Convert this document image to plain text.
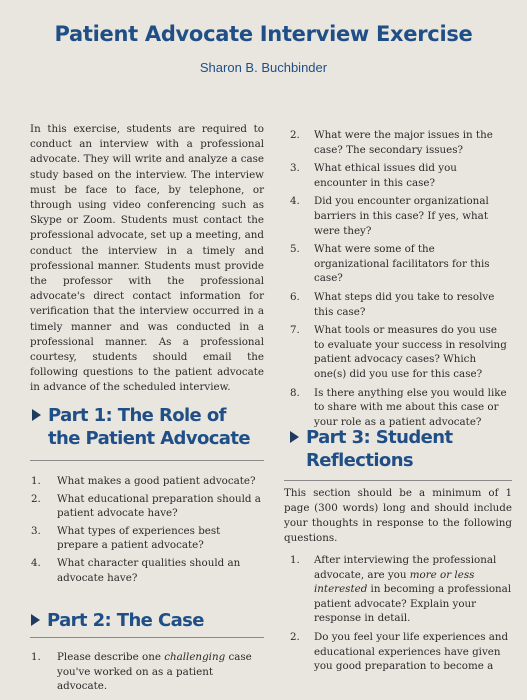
Patient Advocate Interview Exercise
Sharon B. Buchbinder

In this exercise, students are required to conduct an interview with a professional advocate. They will write and analyze a case study based on the interview. The interview must be face to face, by telephone, or through using video conferencing such as Skype or Zoom. Students must contact the professional advocate, set up a meeting, and conduct the interview in a timely and professional manner. Students must provide the professor with the professional advocate's direct contact information for verification that the interview occurred in a timely manner and was conducted in a professional manner. As a professional courtesy, students should email the following questions to the patient advocate in advance of the scheduled interview.

2. What were the major issues in the case? The secondary issues?
3. What ethical issues did you encounter in this case?
4. Did you encounter organizational barriers in this case? If yes, what were they?
5. What were some of the organizational facilitators for this case?
6. What steps did you take to resolve this case?
7. What tools or measures do you use to evaluate your success in resolving patient advocacy cases? Which one(s) did you use for this case?
8. Is there anything else you would like to share with me about this case or your role as a patient advocate?
Part 1: The Role of the Patient Advocate
1. What makes a good patient advocate?
2. What educational preparation should a patient advocate have?
3. What types of experiences best prepare a patient advocate?
4. What character qualities should an advocate have?
Part 2: The Case
1. Please describe one challenging case you've worked on as a patient advocate.
Part 3: Student Reflections

This section should be a minimum of 1 page (300 words) long and should include your thoughts in response to the following questions.

1. After interviewing the professional advocate, are you more or less interested in becoming a professional patient advocate? Explain your response in detail.
2. Do you feel your life experiences and educational experiences have given you good preparation to become a
